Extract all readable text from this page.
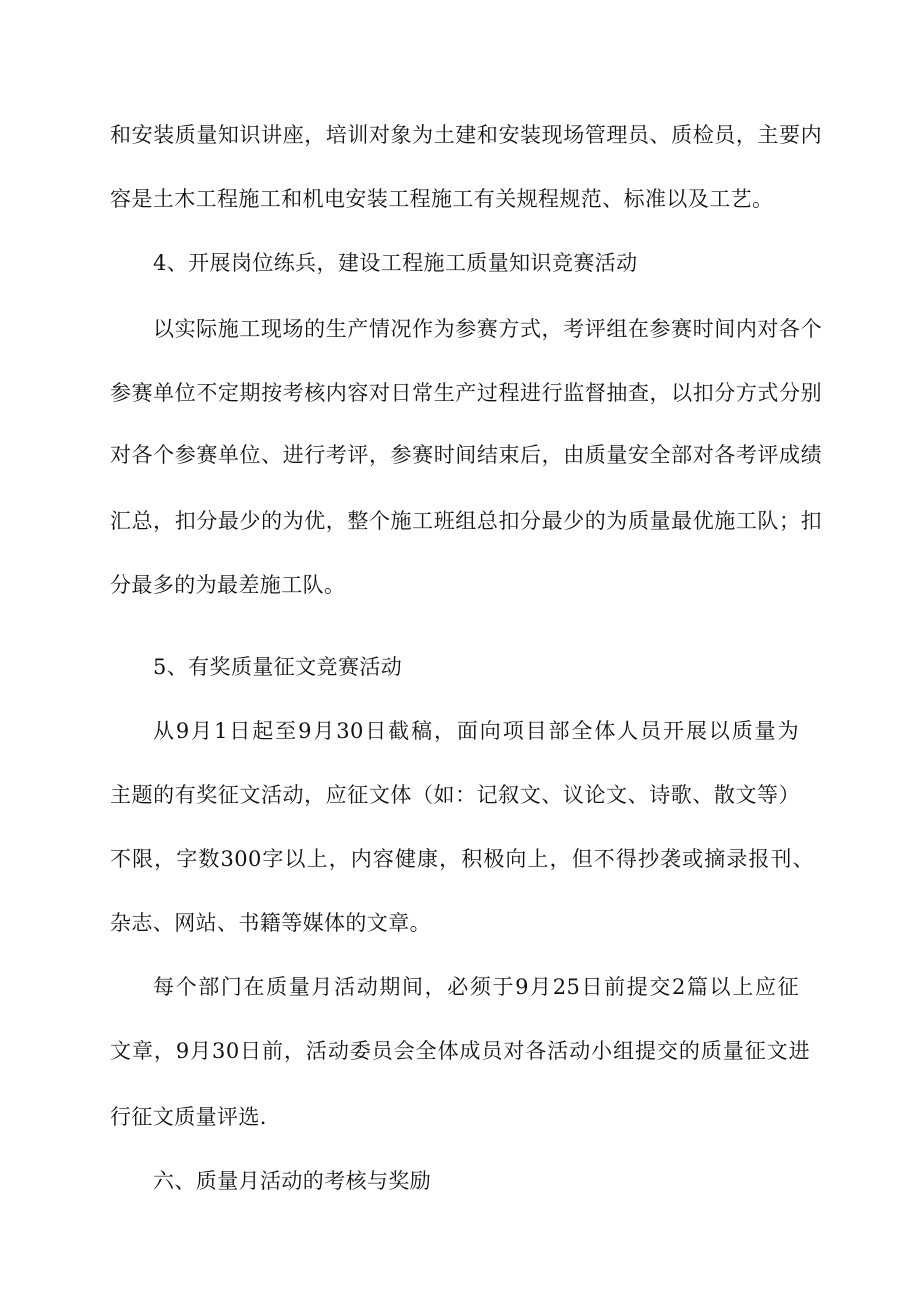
和安装质量知识讲座，培训对象为土建和安装现场管理员、质检员，主要内
容是土木工程施工和机电安装工程施工有关规程规范、标准以及工艺。
4、开展岗位练兵，建设工程施工质量知识竞赛活动
以实际施工现场的生产情况作为参赛方式，考评组在参赛时间内对各个
参赛单位不定期按考核内容对日常生产过程进行监督抽查，以扣分方式分别
对各个参赛单位、进行考评，参赛时间结束后，由质量安全部对各考评成绩
汇总，扣分最少的为优，整个施工班组总扣分最少的为质量最优施工队；扣
分最多的为最差施工队。
5、有奖质量征文竞赛活动
从9月1日起至9月30日截稿，面向项目部全体人员开展以质量为
主题的有奖征文活动，应征文体（如：记叙文、议论文、诗歌、散文等）
不限，字数300字以上，内容健康，积极向上，但不得抄袭或摘录报刊、
杂志、网站、书籍等媒体的文章。
每个部门在质量月活动期间，必须于9月25日前提交2篇以上应征
文章，9月30日前，活动委员会全体成员对各活动小组提交的质量征文进
行征文质量评选.
六、质量月活动的考核与奖励
